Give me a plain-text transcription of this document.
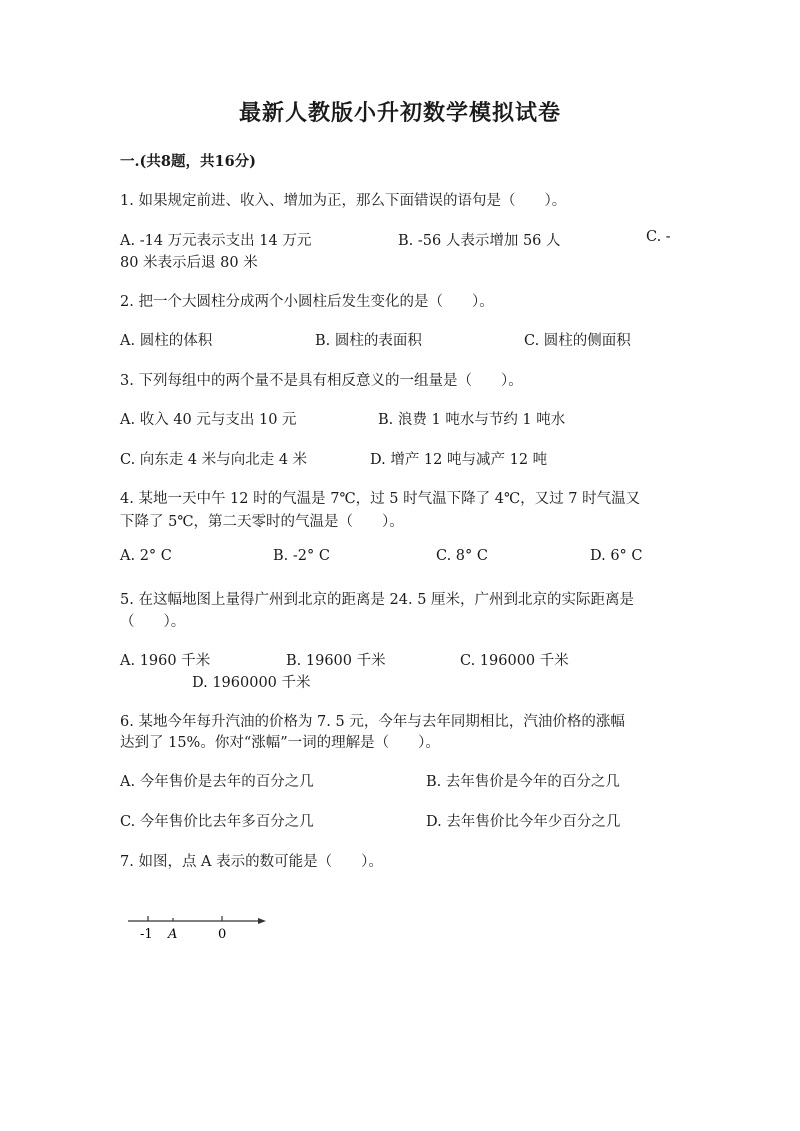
最新人教版小升初数学模拟试卷
一.(共8题，共16分)
1. 如果规定前进、收入、增加为正，那么下面错误的语句是（　　）。
A. -14 万元表示支出 14 万元	B. -56 人表示增加 56 人	C. -
80 米表示后退 80 米
2. 把一个大圆柱分成两个小圆柱后发生变化的是（　　）。
A. 圆柱的体积	B. 圆柱的表面积	C. 圆柱的侧面积
3. 下列每组中的两个量不是具有相反意义的一组量是（　　）。
A. 收入 40 元与支出 10 元	B. 浪费 1 吨水与节约 1 吨水
C. 向东走 4 米与向北走 4 米	D. 增产 12 吨与减产 12 吨
4. 某地一天中午 12 时的气温是 7℃，过 5 时气温下降了 4℃，又过 7 时气温又
下降了 5℃，第二天零时的气温是（　　）。
A. 2° C	B. -2° C	C. 8° C	D. 6° C
5. 在这幅地图上量得广州到北京的距离是 24. 5 厘米，广州到北京的实际距离是
（　　）。
A. 1960 千米	B. 19600 千米	C. 196000 千米
D. 1960000 千米
6. 某地今年每升汽油的价格为 7. 5 元，今年与去年同期相比，汽油价格的涨幅
达到了 15%。你对“涨幅”一词的理解是（　　）。
A. 今年售价是去年的百分之几	B. 去年售价是今年的百分之几
C. 今年售价比去年多百分之几	D. 去年售价比今年少百分之几
7. 如图，点 A 表示的数可能是（　　）。
-1 A	0
